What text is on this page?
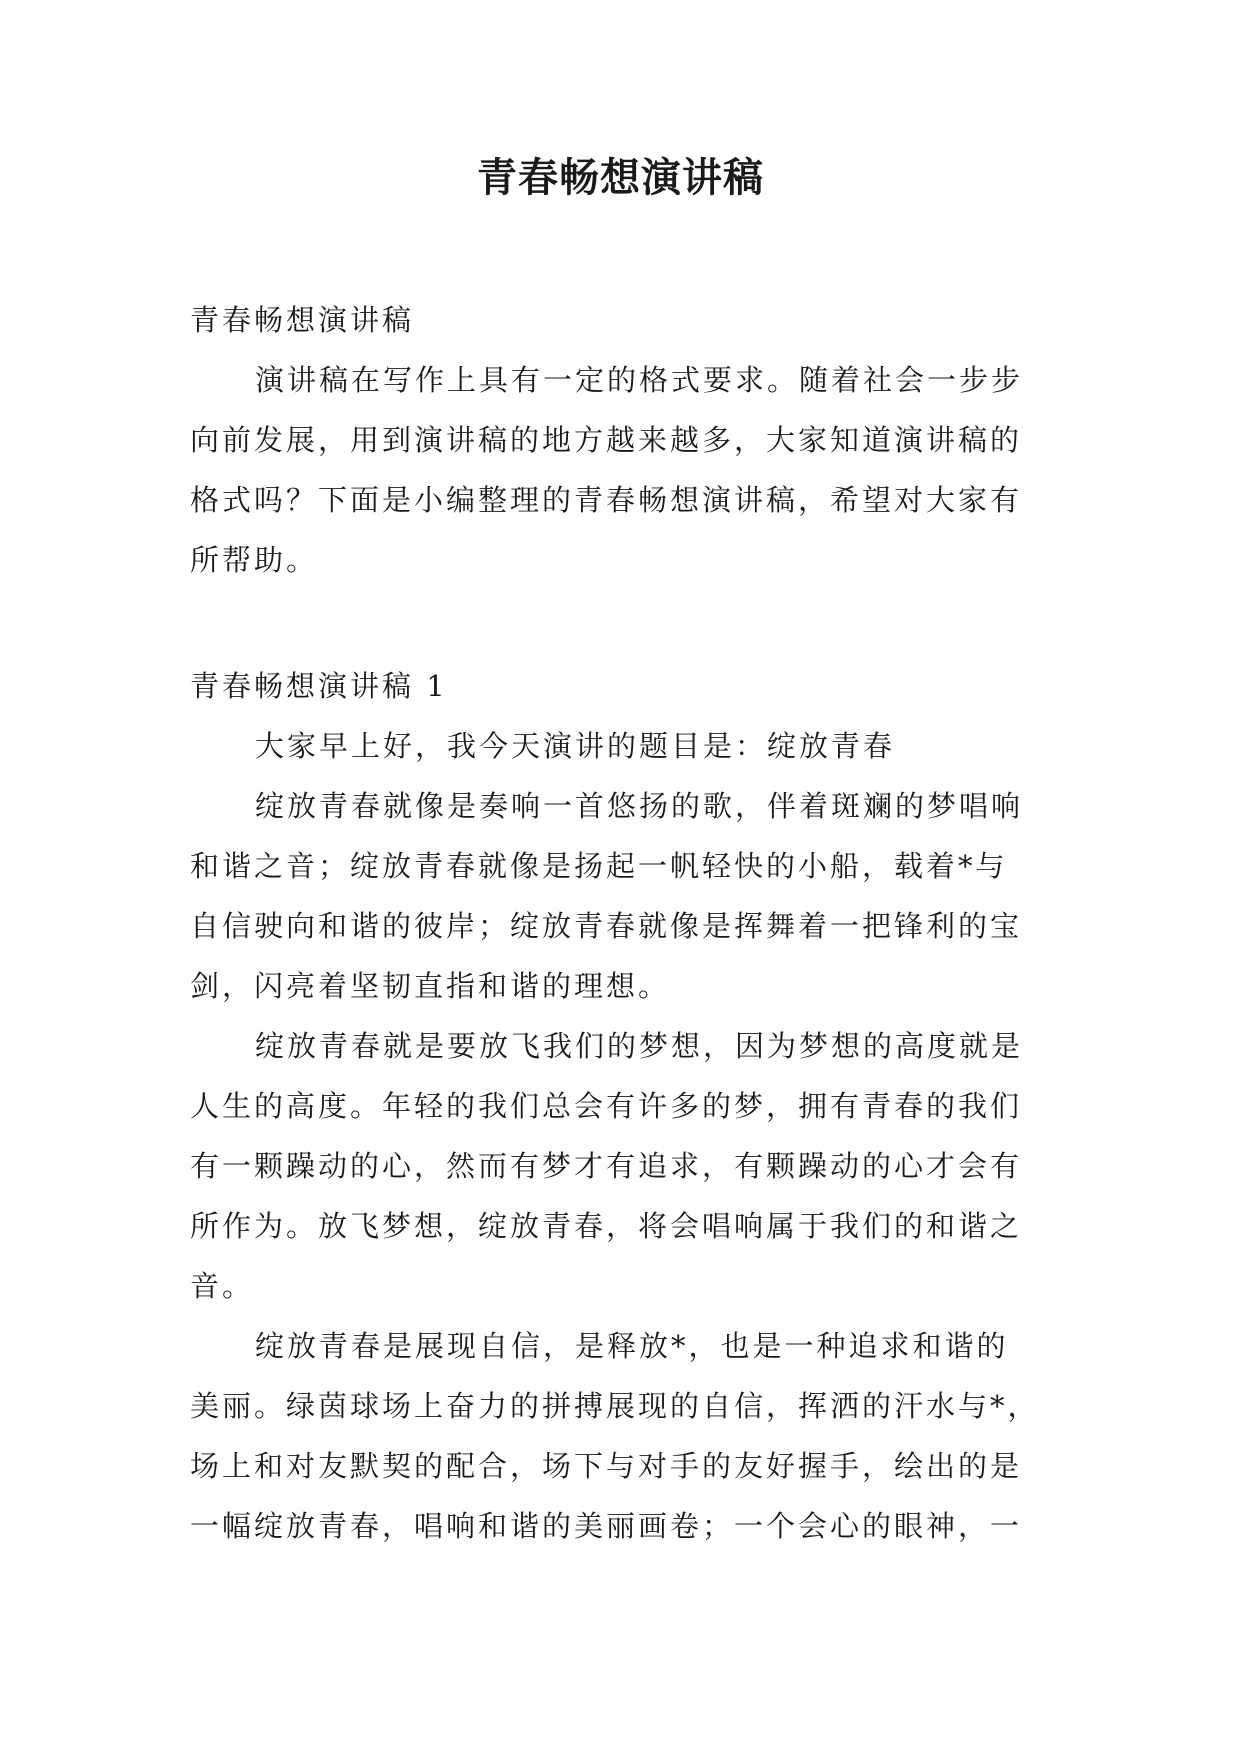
青春畅想演讲稿

青春畅想演讲稿

演讲稿在写作上具有一定的格式要求。随着社会一步步

向前发展，用到演讲稿的地方越来越多，大家知道演讲稿的

格式吗？下面是小编整理的青春畅想演讲稿，希望对大家有

所帮助。

青春畅想演讲稿 1

大家早上好，我今天演讲的题目是：绽放青春

绽放青春就像是奏响一首悠扬的歌，伴着斑斓的梦唱响

和谐之音；绽放青春就像是扬起一帆轻快的小船，载着*与

自信驶向和谐的彼岸；绽放青春就像是挥舞着一把锋利的宝

剑，闪亮着坚韧直指和谐的理想。

绽放青春就是要放飞我们的梦想，因为梦想的高度就是

人生的高度。年轻的我们总会有许多的梦，拥有青春的我们

有一颗躁动的心，然而有梦才有追求，有颗躁动的心才会有

所作为。放飞梦想，绽放青春，将会唱响属于我们的和谐之

音。

绽放青春是展现自信，是释放*，也是一种追求和谐的

美丽。绿茵球场上奋力的拼搏展现的自信，挥洒的汗水与*，

场上和对友默契的配合，场下与对手的友好握手，绘出的是

一幅绽放青春，唱响和谐的美丽画卷；一个会心的眼神，一
